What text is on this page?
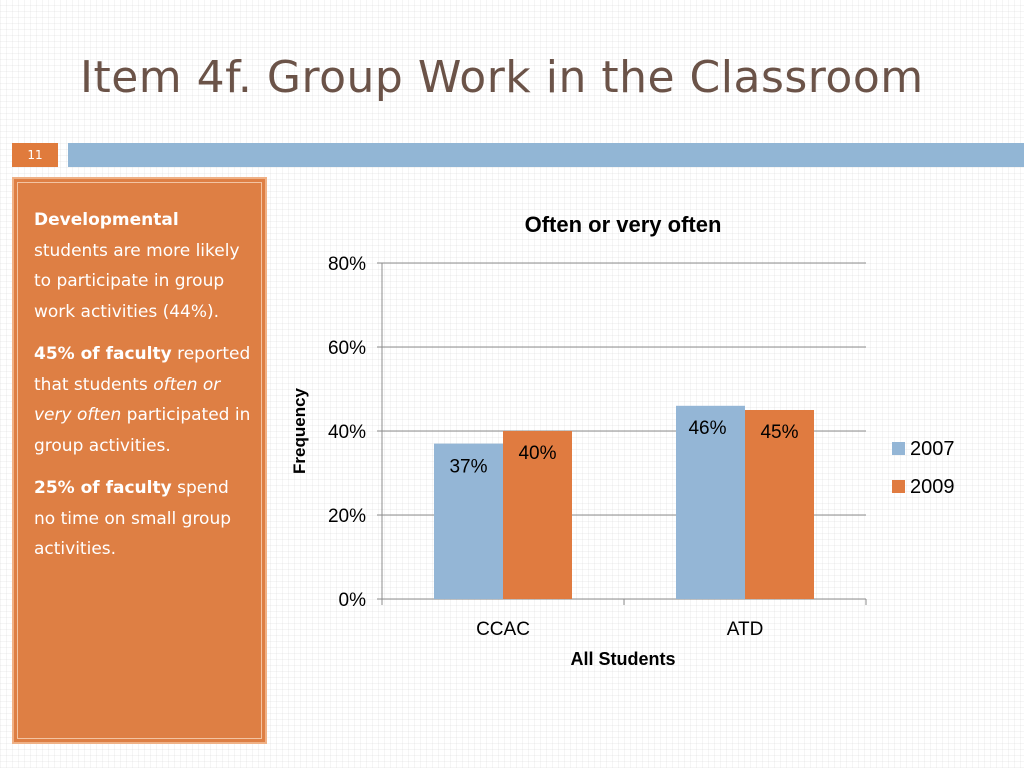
Item 4f. Group Work in the Classroom
11

Developmental students are more likely to participate in group work activities (44%).

45% of faculty reported that students often or very often participated in group activities.

25% of faculty spend no time on small group activities.

Often or very often
0%
20%
40%
60%
80%
CCAC
37%
40%
ATD
46% 45%
All Students
Frequency	2007
2009
